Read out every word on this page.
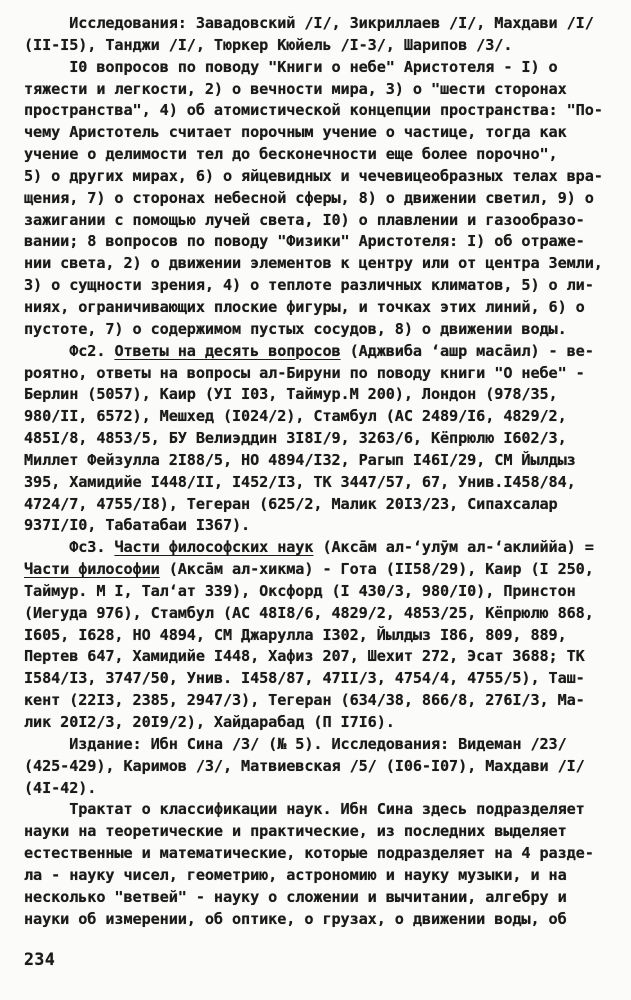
Исследования: Завадовский /I/, Зикриллаев /I/, Махдави /I/
(II-I5), Танджи /I/, Тюркер Кюйель /I-3/, Шарипов /3/.
I0 вопросов по поводу "Книги о небе" Аристотеля - I) о
тяжести и легкости, 2) о вечности мира, 3) о "шести сторонах
пространства", 4) об атомистической концепции пространства: "По-
чему Аристотель считает порочным учение о частице, тогда как
учение о делимости тел до бесконечности еще более порочно",
5) о других мирах, 6) о яйцевидных и чечевицеобразных телах вра-
щения, 7) о сторонах небесной сферы, 8) о движении светил, 9) о
зажигании с помощью лучей света, I0) о плавлении и газообразо-
вании; 8 вопросов по поводу "Физики" Аристотеля: I) об отраже-
нии света, 2) о движении элементов к центру или от центра Земли,
3) о сущности зрения, 4) о теплоте различных климатов, 5) о ли-
ниях, ограничивающих плоские фигуры, и точках этих линий, 6) о
пустоте, 7) о содержимом пустых сосудов, 8) о движении воды.
Фс2. Ответы на десять вопросов (Аджвиба ‘ашр масāил) - ве-
роятно, ответы на вопросы ал-Бируни по поводу книги "О небе" -
Берлин (5057), Каир (УI I03, Таймур.М 200), Лондон (978/35,
980/II, 6572), Мешхед (I024/2), Стамбул (АС 2489/I6, 4829/2,
485I/8, 4853/5, БУ Велиэддин 3I8I/9, 3263/6, Кёпрюлю I602/3,
Миллет Фейзулла 2I88/5, НО 4894/I32, Рагып I46I/29, СМ Йылдыз
395, Хамидийе I448/II, I452/I3, ТК 3447/57, 67, Унив.I458/84,
4724/7, 4755/I8), Тегеран (625/2, Малик 20I3/23, Сипахсалар
937I/I0, Табатабаи I367).
Фс3. Части философских наук (Аксāм ал-‘улӯм ал-‘аклиййа) =
Части философии (Аксāм ал-хикма) - Гота (II58/29), Каир (I 250,
Таймур. М I, Тал‘ат 339), Оксфорд (I 430/3, 980/I0), Принстон
(Иегуда 976), Стамбул (АС 48I8/6, 4829/2, 4853/25, Кёпрюлю 868,
I605, I628, НО 4894, СМ Джарулла I302, Йылдыз I86, 809, 889,
Пертев 647, Хамидийе I448, Хафиз 207, Шехит 272, Эсат 3688; ТК
I584/I3, 3747/50, Унив. I458/87, 47II/3, 4754/4, 4755/5), Таш-
кент (22I3, 2385, 2947/3), Тегеран (634/38, 866/8, 276I/3, Ма-
лик 20I2/3, 20I9/2), Хайдарабад (П I7I6).
Издание: Ибн Сина /3/ (№ 5). Исследования: Видеман /23/
(425-429), Каримов /3/, Матвиевская /5/ (I06-I07), Махдави /I/
(4I-42).
Трактат о классификации наук. Ибн Сина здесь подразделяет
науки на теоретические и практические, из последних выделяет
естественные и математические, которые подразделяет на 4 разде-
ла - науку чисел, геометрию, астрономию и науку музыки, и на
несколько "ветвей" - науку о сложении и вычитании, алгебру и
науки об измерении, об оптике, о грузах, о движении воды, об
234
